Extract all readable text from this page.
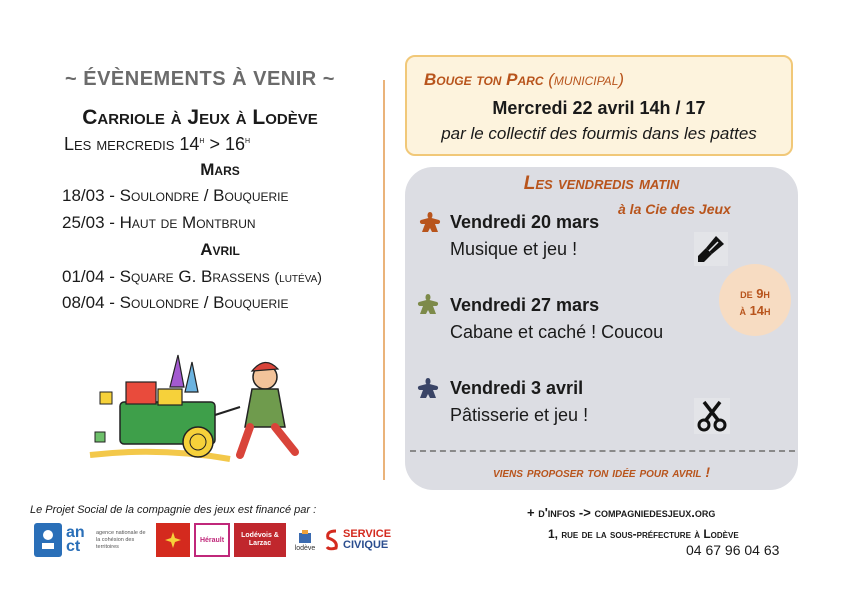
~ ÉVÈNEMENTS À VENIR ~
Carriole à Jeux à Lodève
Les mercredis $14^h > 16^h$
Mars
18/03 - Soulondre / Bouquerie
25/03 - Haut de Montbrun
Avril
01/04 - Square G. Brassens (lutéva)
08/04 - Soulondre / Bouquerie
Bouge ton Parc (municipal)
Mercredi 22 avril 14h / 17
par le collectif des fourmis dans les pattes
Les vendredis matin
à la Cie des Jeux
Vendredi 20 mars
Musique et jeu !
Vendredi 27 mars
Cabane et caché ! Coucou
de 9h
à 14h
Vendredi 3 avril
Pâtisserie et jeu !
viens proposer ton idée pour avril !
Le Projet Social de la compagnie des jeux est financé par :
an ct
agence nationale de la cohésion des territoires
Hérault
Lodévois & Larzac
lodève
SERVICE
CIVIQUE
+ d'infos -> compagniedesjeux.org
1, rue de la sous-préfecture à Lodève
04 67 96 04 63
